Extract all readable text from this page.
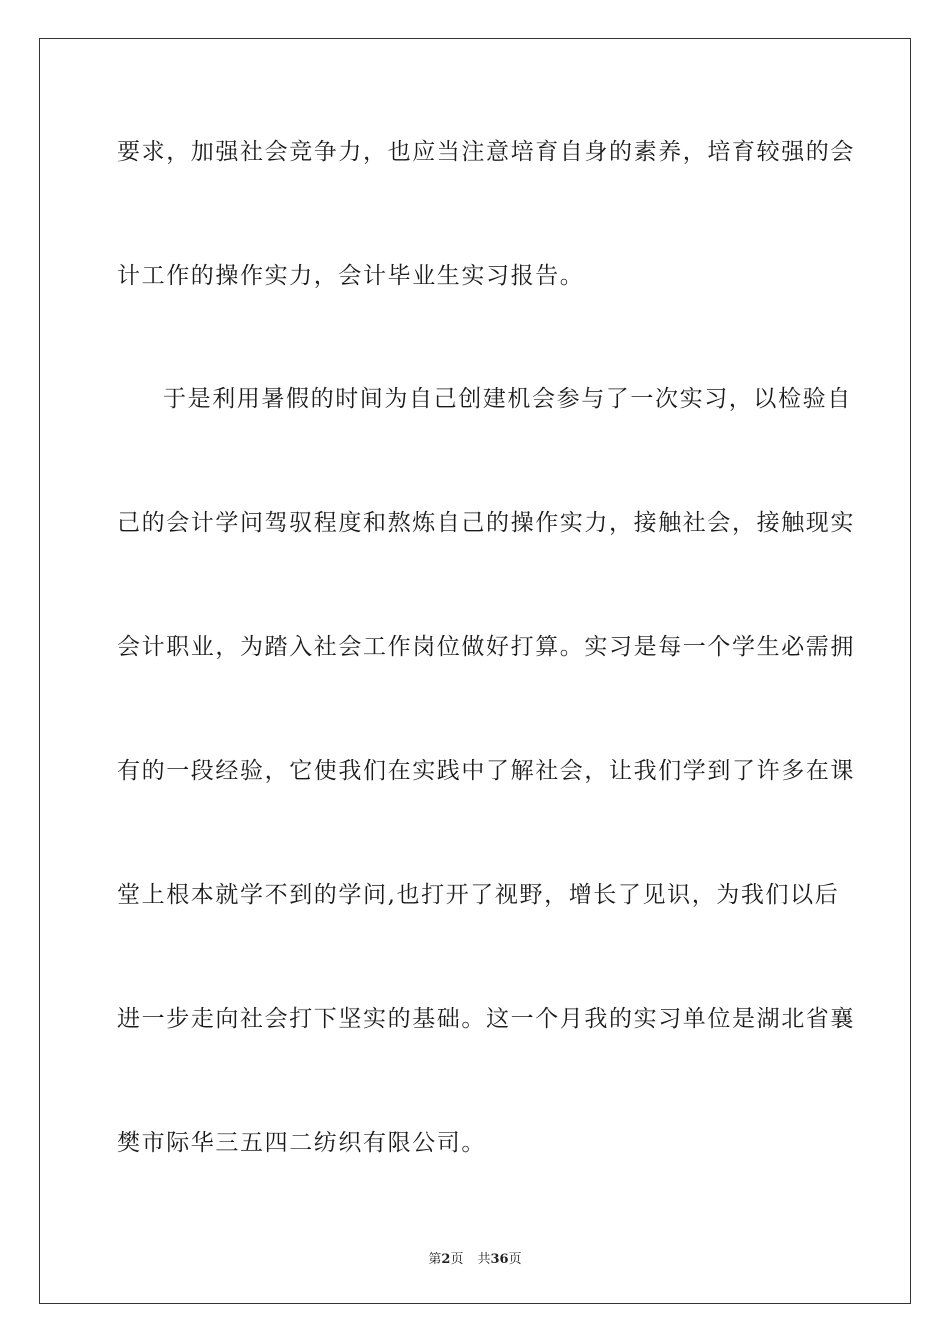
要求，加强社会竞争力，也应当注意培育自身的素养，培育较强的会
计工作的操作实力，会计毕业生实习报告。
于是利用暑假的时间为自己创建机会参与了一次实习，以检验自
己的会计学问驾驭程度和熬炼自己的操作实力，接触社会，接触现实
会计职业，为踏入社会工作岗位做好打算。实习是每一个学生必需拥
有的一段经验，它使我们在实践中了解社会，让我们学到了许多在课
堂上根本就学不到的学问,也打开了视野，增长了见识，为我们以后
进一步走向社会打下坚实的基础。这一个月我的实习单位是湖北省襄
樊市际华三五四二纺织有限公司。
第2页 共36页
